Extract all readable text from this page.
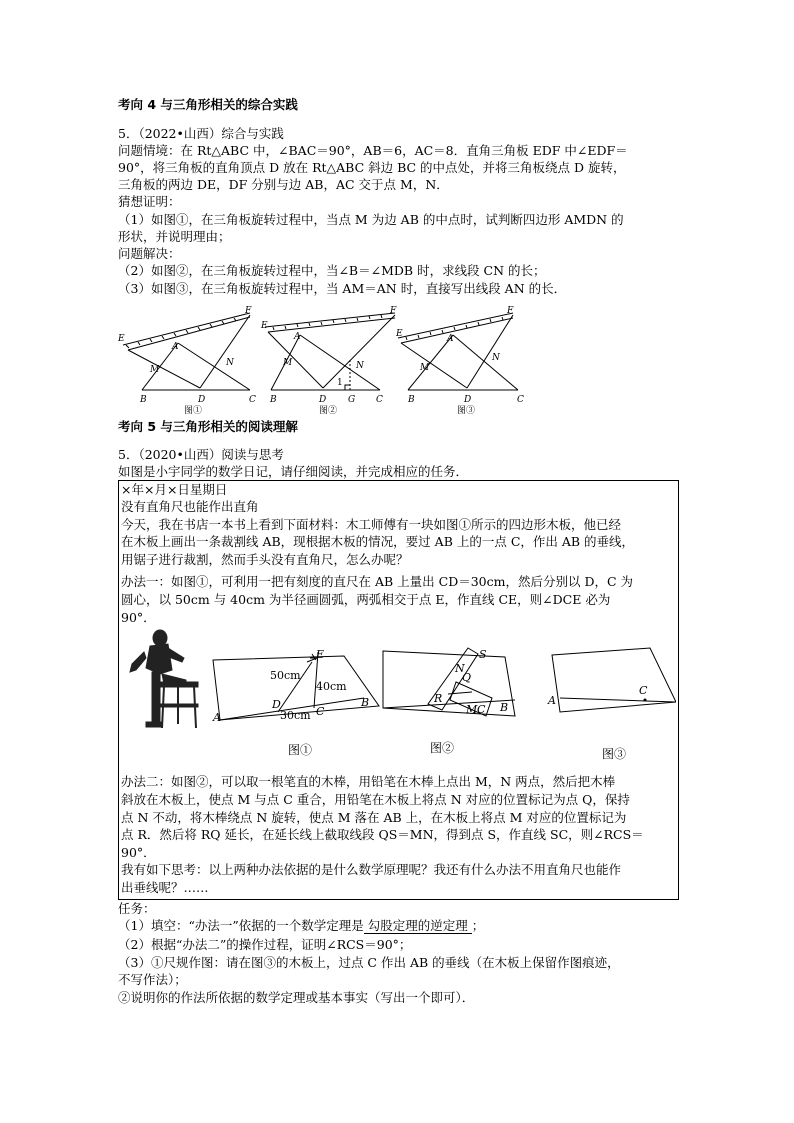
考向 4 与三角形相关的综合实践
5．（2022•山西）综合与实践
问题情境：在 Rt△ABC 中，∠BAC＝90°，AB＝6，AC＝8．直角三角板 EDF 中∠EDF＝
90°，将三角板的直角顶点 D 放在 Rt△ABC 斜边 BC 的中点处，并将三角板绕点 D 旋转，
三角板的两边 DE，DF 分别与边 AB，AC 交于点 M，N．
猜想证明：
（1）如图①，在三角板旋转过程中，当点 M 为边 AB 的中点时，试判断四边形 AMDN 的
形状，并说明理由；
问题解决：
（2）如图②，在三角板旋转过程中，当∠B＝∠MDB 时，求线段 CN 的长；
（3）如图③，在三角板旋转过程中，当 AM＝AN 时，直接写出线段 AN 的长．
E
F
A
M
N
B	D	C
E
F
A
M	N
B	D G
1
C
E
F
A
M
N
B	D	C
图①	图②	图③
考向 5 与三角形相关的阅读理解
5．（2020•山西）阅读与思考
如图是小宇同学的数学日记，请仔细阅读，并完成相应的任务．
×年×月×日星期日
没有直角尺也能作出直角
今天，我在书店一本书上看到下面材料：木工师傅有一块如图①所示的四边形木板，他已经
在木板上画出一条裁割线 AB，现根据木板的情况，要过 AB 上的一点 C，作出 AB 的垂线，
用锯子进行裁割，然而手头没有直角尺，怎么办呢？
办法一：如图①，可利用一把有刻度的直尺在 AB 上量出 CD＝30cm，然后分别以 D，C 为
圆心，以 50cm 与 40cm 为半径画圆弧，两弧相交于点 E，作直线 CE，则∠DCE 必为
90°．
50cm
40cm
30cm
A
B
C
D
E
N
S
Q
R
M C B
A
C
图①	图②	图③
办法二：如图②，可以取一根笔直的木棒，用铅笔在木棒上点出 M，N 两点，然后把木棒
斜放在木板上，使点 M 与点 C 重合，用铅笔在木板上将点 N 对应的位置标记为点 Q，保持
点 N 不动，将木棒绕点 N 旋转，使点 M 落在 AB 上，在木板上将点 M 对应的位置标记为
点 R．然后将 RQ 延长，在延长线上截取线段 QS＝MN，得到点 S，作直线 SC，则∠RCS＝
90°．
我有如下思考：以上两种办法依据的是什么数学原理呢？我还有什么办法不用直角尺也能作
出垂线呢？……
任务：
（1）填空：“办法一”依据的一个数学定理是 勾股定理的逆定理 ；
（2）根据“办法二”的操作过程，证明∠RCS＝90°；
（3）①尺规作图：请在图③的木板上，过点 C 作出 AB 的垂线（在木板上保留作图痕迹，
不写作法）；
②说明你的作法所依据的数学定理或基本事实（写出一个即可）．
